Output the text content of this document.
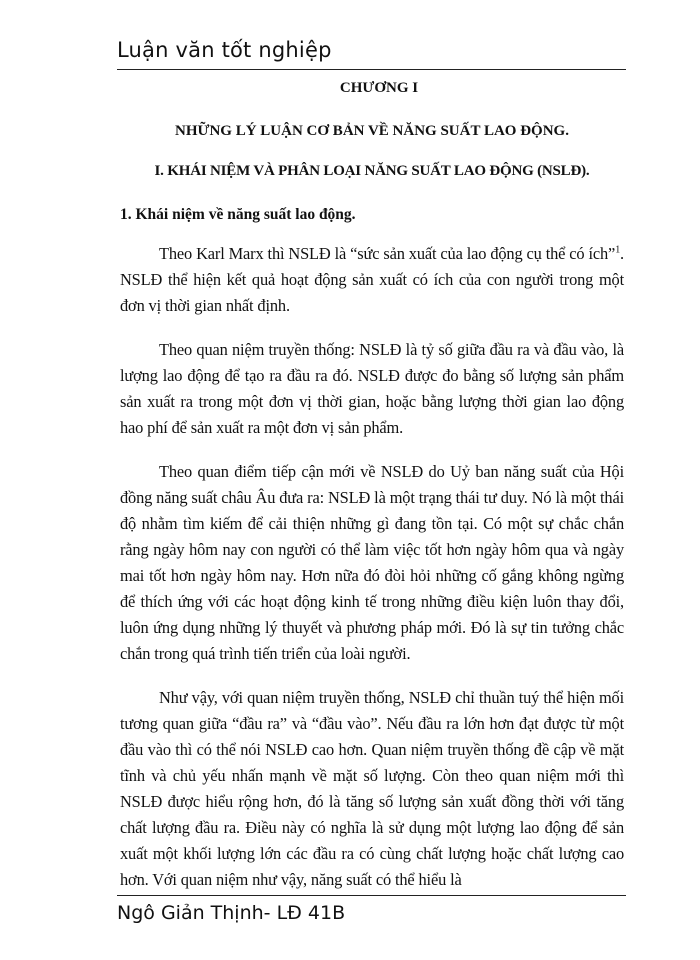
Luận văn tốt nghiệp
CHƯƠNG I
NHỮNG LÝ LUẬN CƠ BẢN VỀ NĂNG SUẤT LAO ĐỘNG.
I. KHÁI NIỆM VÀ PHÂN LOẠI NĂNG SUẤT LAO ĐỘNG (NSLĐ).
1. Khái niệm về năng suất lao động.

Theo Karl Marx thì NSLĐ là “sức sản xuất của lao động cụ thể có ích”$^1$. NSLĐ thể hiện kết quả hoạt động sản xuất có ích của con người trong một đơn vị thời gian nhất định.

Theo quan niệm truyền thống: NSLĐ là tỷ số giữa đầu ra và đầu vào, là lượng lao động để tạo ra đầu ra đó. NSLĐ được đo bằng số lượng sản phẩm sản xuất ra trong một đơn vị thời gian, hoặc bằng lượng thời gian lao động hao phí để sản xuất ra một đơn vị sản phẩm.

Theo quan điểm tiếp cận mới về NSLĐ do Uỷ ban năng suất của Hội đồng năng suất châu Âu đưa ra: NSLĐ là một trạng thái tư duy. Nó là một thái độ nhằm tìm kiếm để cải thiện những gì đang tồn tại. Có một sự chắc chắn rằng ngày hôm nay con người có thể làm việc tốt hơn ngày hôm qua và ngày mai tốt hơn ngày hôm nay. Hơn nữa đó đòi hỏi những cố gắng không ngừng để thích ứng với các hoạt động kinh tế trong những điều kiện luôn thay đổi, luôn ứng dụng những lý thuyết và phương pháp mới. Đó là sự tin tưởng chắc chắn trong quá trình tiến triển của loài người.

Như vậy, với quan niệm truyền thống, NSLĐ chỉ thuần tuý thể hiện mối tương quan giữa “đầu ra” và “đầu vào”. Nếu đầu ra lớn hơn đạt được từ một đầu vào thì có thể nói NSLĐ cao hơn. Quan niệm truyền thống đề cập về mặt tĩnh và chủ yếu nhấn mạnh về mặt số lượng. Còn theo quan niệm mới thì NSLĐ được hiểu rộng hơn, đó là tăng số lượng sản xuất đồng thời với tăng chất lượng đầu ra. Điều này có nghĩa là sử dụng một lượng lao động để sản xuất một khối lượng lớn các đầu ra có cùng chất lượng hoặc chất lượng cao hơn. Với quan niệm như vậy, năng suất có thể hiểu là

Ngô Giản Thịnh- LĐ 41B
